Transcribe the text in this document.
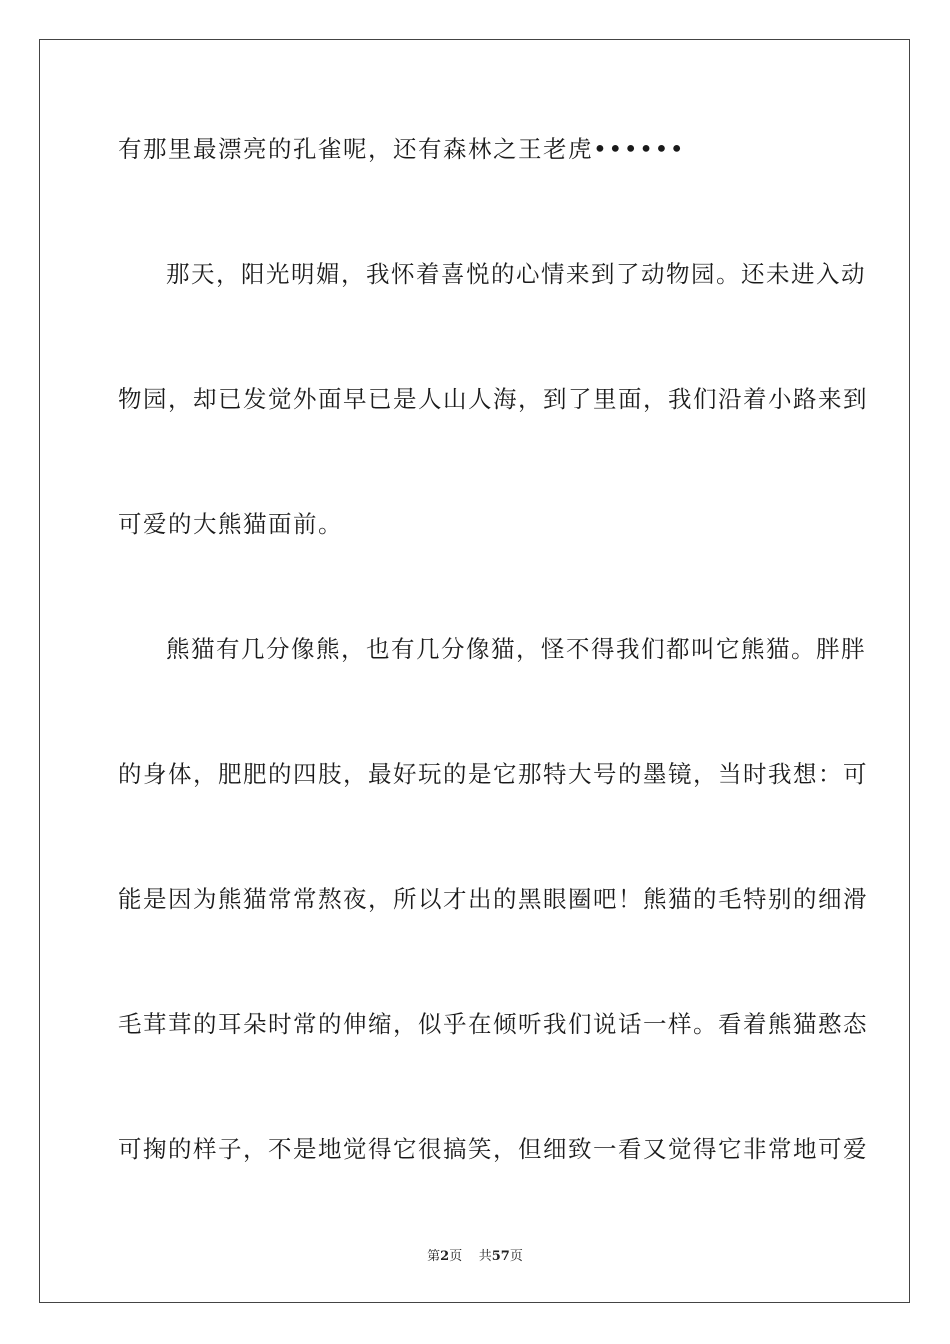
有那里最漂亮的孔雀呢，还有森林之王老虎••••••
那天，阳光明媚，我怀着喜悦的心情来到了动物园。还未进入动
物园，却已发觉外面早已是人山人海，到了里面，我们沿着小路来到
可爱的大熊猫面前。
熊猫有几分像熊，也有几分像猫，怪不得我们都叫它熊猫。胖胖
的身体，肥肥的四肢，最好玩的是它那特大号的墨镜，当时我想：可
能是因为熊猫常常熬夜，所以才出的黑眼圈吧！熊猫的毛特别的细滑
毛茸茸的耳朵时常的伸缩，似乎在倾听我们说话一样。看着熊猫憨态
可掬的样子，不是地觉得它很搞笑，但细致一看又觉得它非常地可爱
第2页 共57页
